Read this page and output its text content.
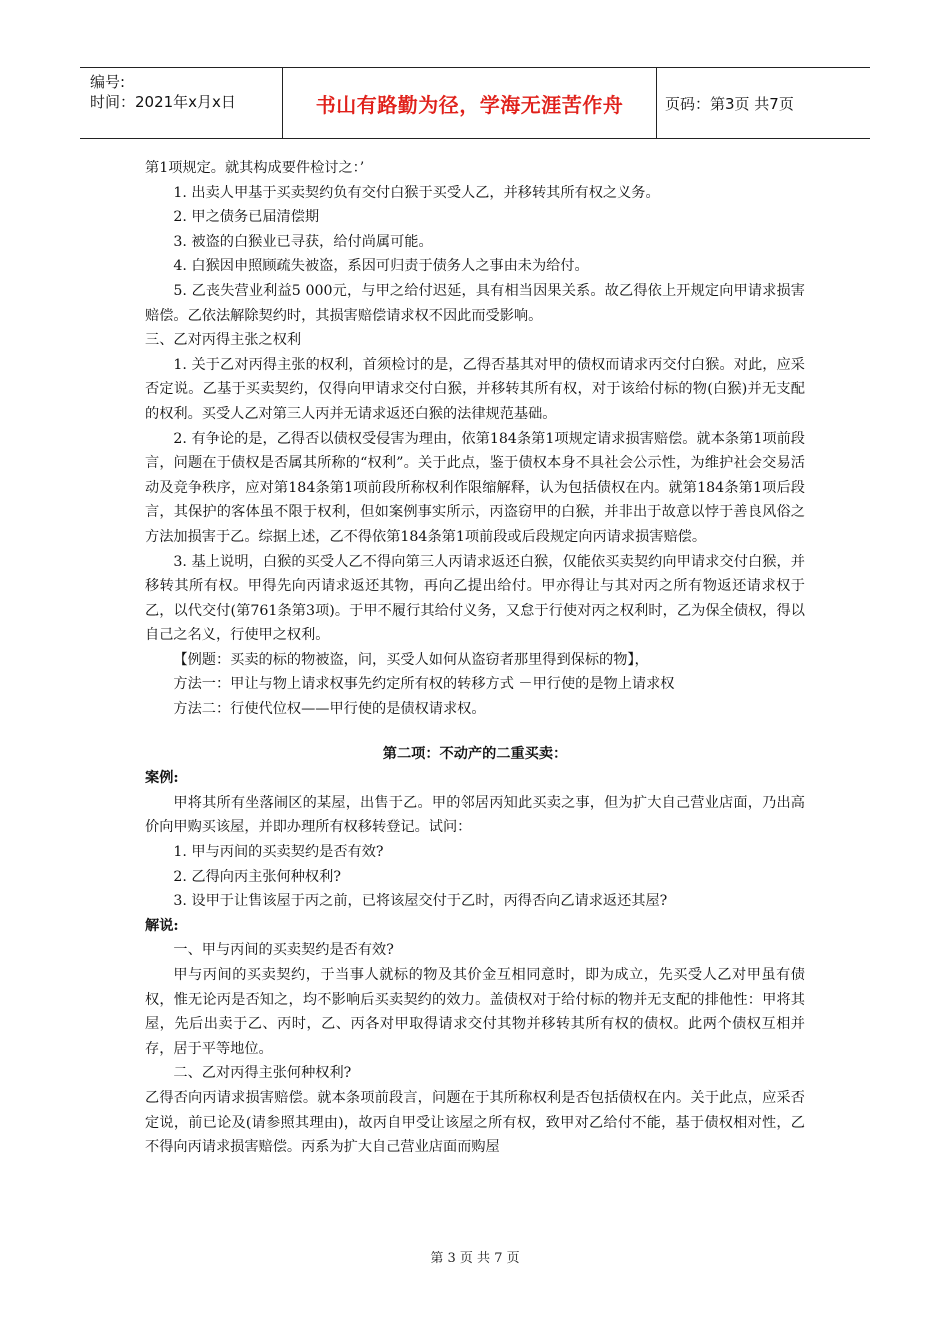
编号:
时间：2021年x月x日	书山有路勤为径，学海无涯苦作舟	页码：第3页 共7页

第1项规定。就其构成要件检讨之：’

1. 出卖人甲基于买卖契约负有交付白猴于买受人乙，并移转其所有权之义务。

2. 甲之债务已届清偿期

3. 被盗的白猴业已寻获，给付尚属可能。

4. 白猴因申照顾疏失被盗，系因可归责于债务人之事由未为给付。

5. 乙丧失营业利益5 000元，与甲之给付迟延，具有相当因果关系。故乙得依上开规定向甲请求损害赔偿。乙依法解除契约时，其损害赔偿请求权不因此而受影响。

三、乙对丙得主张之权利

1. 关于乙对丙得主张的权利，首须检讨的是，乙得否基其对甲的债权而请求丙交付白猴。对此，应采否定说。乙基于买卖契约，仅得向甲请求交付白猴，并移转其所有权，对于该给付标的物(白猴)并无支配的权利。买受人乙对第三人丙并无请求返还白猴的法律规范基础。

2. 有争论的是，乙得否以债权受侵害为理由，依第184条第1项规定请求损害赔偿。就本条第1项前段言，问题在于债权是否属其所称的“权利”。关于此点，鉴于债权本身不具社会公示性，为维护社会交易活动及竞争秩序，应对第184条第1项前段所称权利作限缩解释，认为包括债权在内。就第184条第1项后段言，其保护的客体虽不限于权利，但如案例事实所示，丙盗窃甲的白猴，并非出于故意以悖于善良风俗之方法加损害于乙。综据上述，乙不得依第184条第1项前段或后段规定向丙请求损害赔偿。

3. 基上说明，白猴的买受人乙不得向第三人丙请求返还白猴，仅能依买卖契约向甲请求交付白猴，并移转其所有权。甲得先向丙请求返还其物，再向乙提出给付。甲亦得让与其对丙之所有物返还请求权于乙，以代交付(第761条第3项)。于甲不履行其给付义务，又怠于行使对丙之权利时，乙为保全债权，得以自己之名义，行使甲之权利。

【例题：买卖的标的物被盗，问，买受人如何从盗窃者那里得到保标的物】，

方法一：甲让与物上请求权事先约定所有权的转移方式 －甲行使的是物上请求权

方法二：行使代位权——甲行使的是债权请求权。

第二项：不动产的二重买卖：

案例:

甲将其所有坐落闹区的某屋，出售于乙。甲的邻居丙知此买卖之事，但为扩大自己营业店面，乃出高价向甲购买该屋，并即办理所有权移转登记。试问：

1. 甲与丙间的买卖契约是否有效?

2. 乙得向丙主张何种权利?

3. 设甲于让售该屋于丙之前，已将该屋交付于乙时，丙得否向乙请求返还其屋?

解说:

一、甲与丙间的买卖契约是否有效?

甲与丙间的买卖契约，于当事人就标的物及其价金互相同意时，即为成立，先买受人乙对甲虽有债权，惟无论丙是否知之，均不影响后买卖契约的效力。盖债权对于给付标的物并无支配的排他性：甲将其屋，先后出卖于乙、丙时，乙、丙各对甲取得请求交付其物并移转其所有权的债权。此两个债权互相并存，居于平等地位。

二、乙对丙得主张何种权利?

乙得否向丙请求损害赔偿。就本条项前段言，问题在于其所称权利是否包括债权在内。关于此点，应采否定说，前已论及(请参照其理由)，故丙自甲受让该屋之所有权，致甲对乙给付不能，基于债权相对性，乙不得向丙请求损害赔偿。丙系为扩大自己营业店面而购屋

第 3 页 共 7 页
